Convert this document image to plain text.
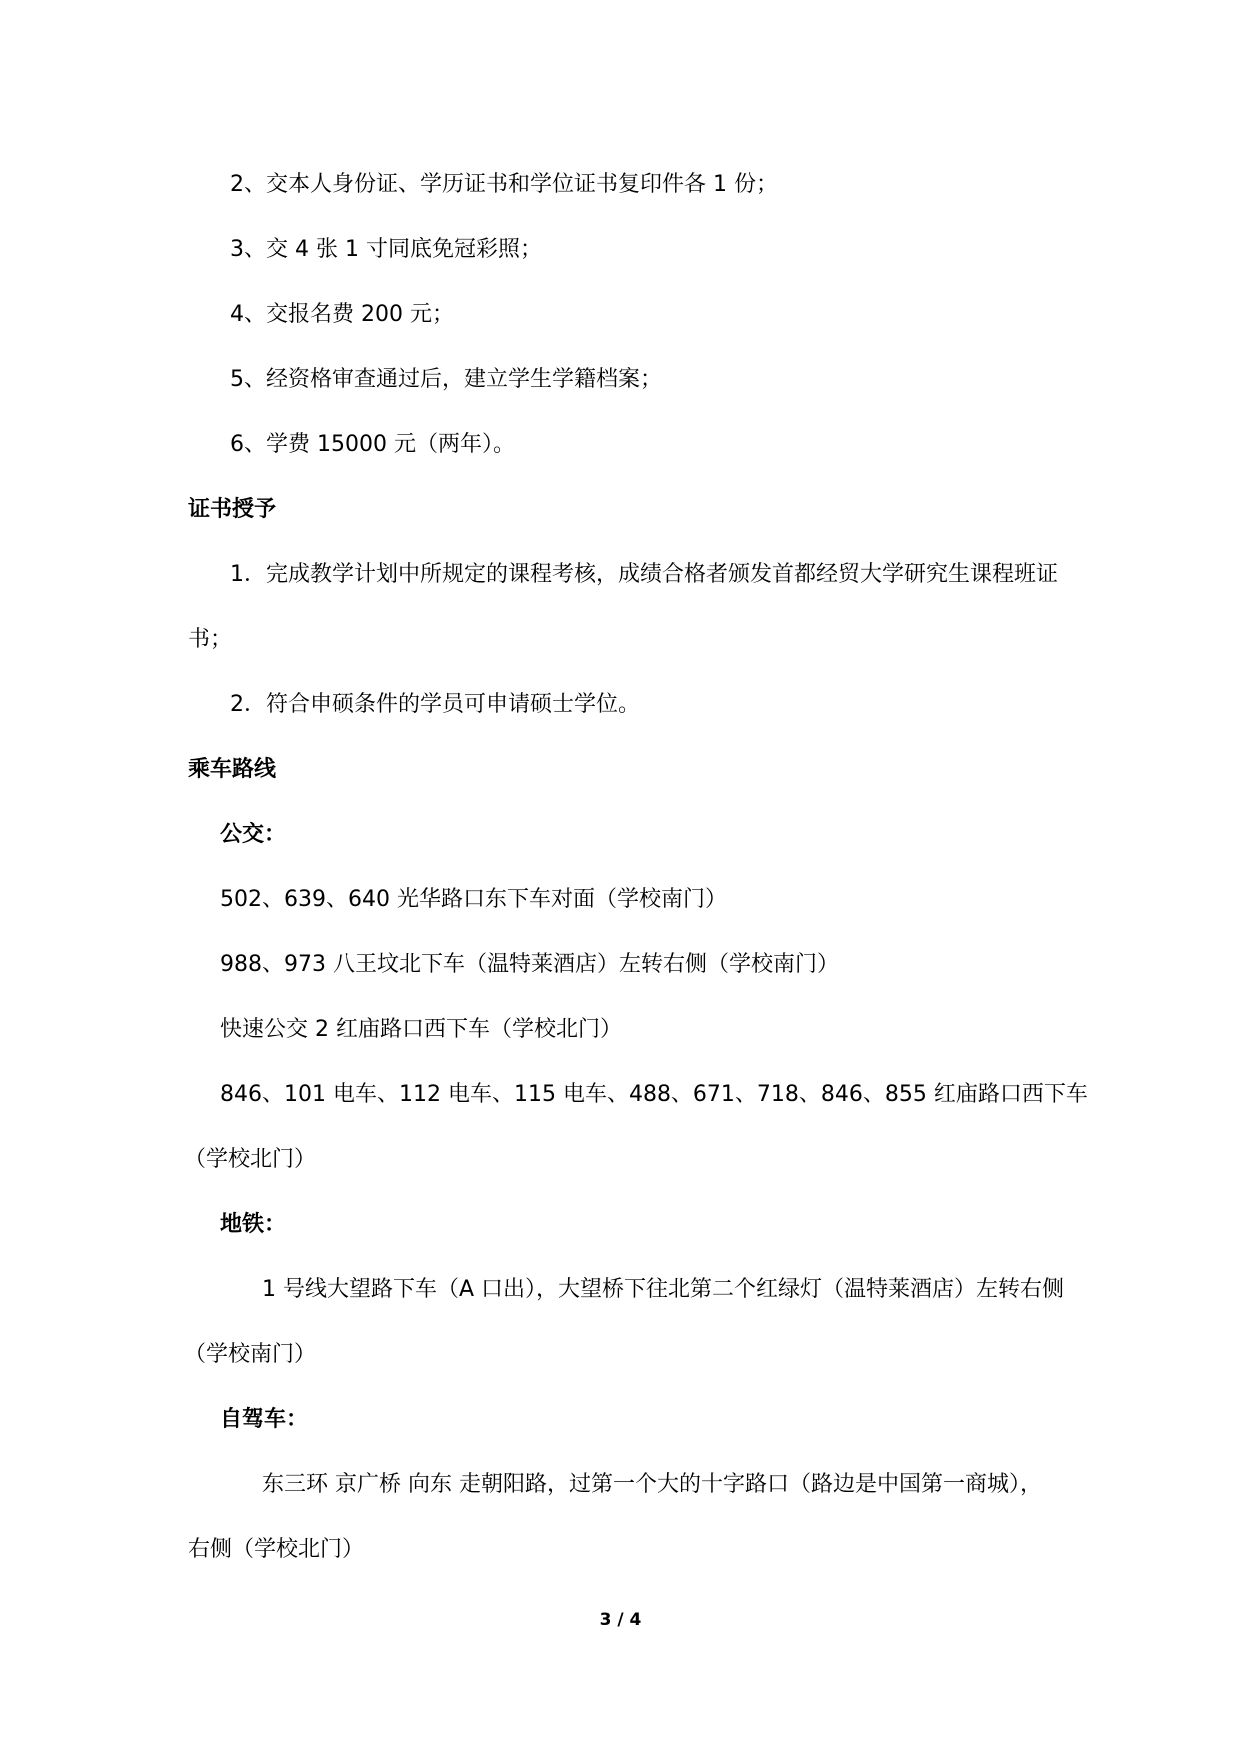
2、交本人身份证、学历证书和学位证书复印件各 1 份；
3、交 4 张 1 寸同底免冠彩照；
4、交报名费 200 元；
5、经资格审查通过后，建立学生学籍档案；
6、学费 15000 元（两年）。
证书授予
1．完成教学计划中所规定的课程考核，成绩合格者颁发首都经贸大学研究生课程班证
书；
2．符合申硕条件的学员可申请硕士学位。
乘车路线
公交：
502、639、640 光华路口东下车对面（学校南门）
988、973 八王坟北下车（温特莱酒店）左转右侧（学校南门）
快速公交 2 红庙路口西下车（学校北门）
846、101 电车、112 电车、115 电车、488、671、718、846、855 红庙路口西下车
（学校北门）
地铁：
1 号线大望路下车（A 口出），大望桥下往北第二个红绿灯（温特莱酒店）左转右侧
（学校南门）
自驾车：
东三环 京广桥 向东 走朝阳路，过第一个大的十字路口（路边是中国第一商城），
右侧（学校北门）
3 / 4
